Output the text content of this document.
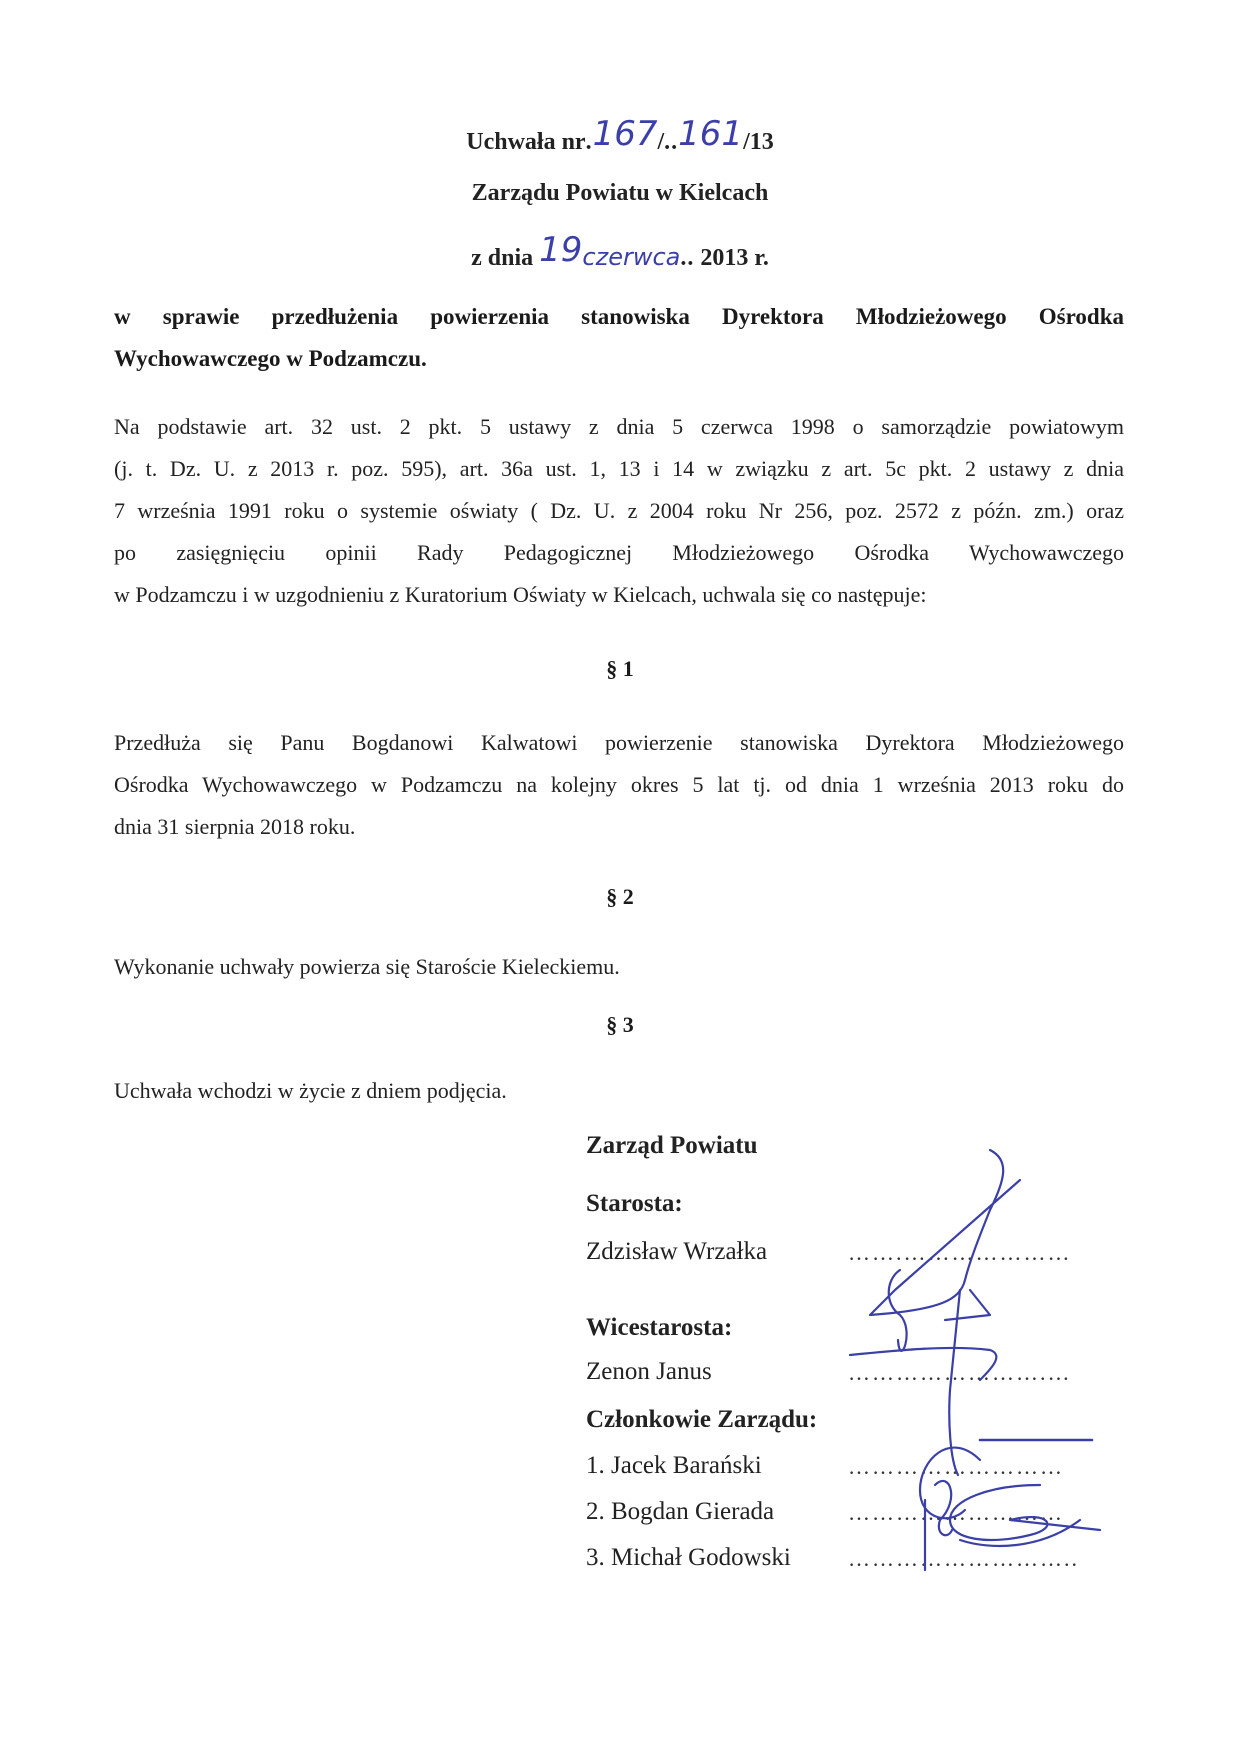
Uchwała nr.167/..161/13
Zarządu Powiatu w Kielcach
z dnia 19czerwca.. 2013 r.
w sprawie przedłużenia powierzenia stanowiska Dyrektora Młodzieżowego Ośrodka
Wychowawczego w Podzamczu.
Na podstawie art. 32 ust. 2 pkt. 5 ustawy z dnia 5 czerwca 1998 o samorządzie powiatowym
(j. t. Dz. U. z 2013 r. poz. 595), art. 36a ust. 1, 13 i 14 w związku z art. 5c pkt. 2 ustawy z dnia
7 września 1991 roku o systemie oświaty ( Dz. U. z 2004 roku Nr 256, poz. 2572 z późn. zm.) oraz
po zasięgnięciu opinii Rady Pedagogicznej Młodzieżowego Ośrodka Wychowawczego
w Podzamczu i w uzgodnieniu z Kuratorium Oświaty w Kielcach, uchwala się co następuje:
§ 1
Przedłuża się Panu Bogdanowi Kalwatowi powierzenie stanowiska Dyrektora Młodzieżowego
Ośrodka Wychowawczego w Podzamczu na kolejny okres 5 lat tj. od dnia 1 września 2013 roku do
dnia 31 sierpnia 2018 roku.
§ 2
Wykonanie uchwały powierza się Staroście Kieleckiemu.
§ 3
Uchwała wchodzi w życie z dniem podjęcia.
Zarząd Powiatu
Starosta:
Zdzisław Wrzałka	…….…………………
Wicestarosta:
Zenon Janus	…………………….…
Członkowie Zarządu:
1. Jacek Barański	………………………
2. Bogdan Gierada	………………………
3. Michał Godowski	………………………..
